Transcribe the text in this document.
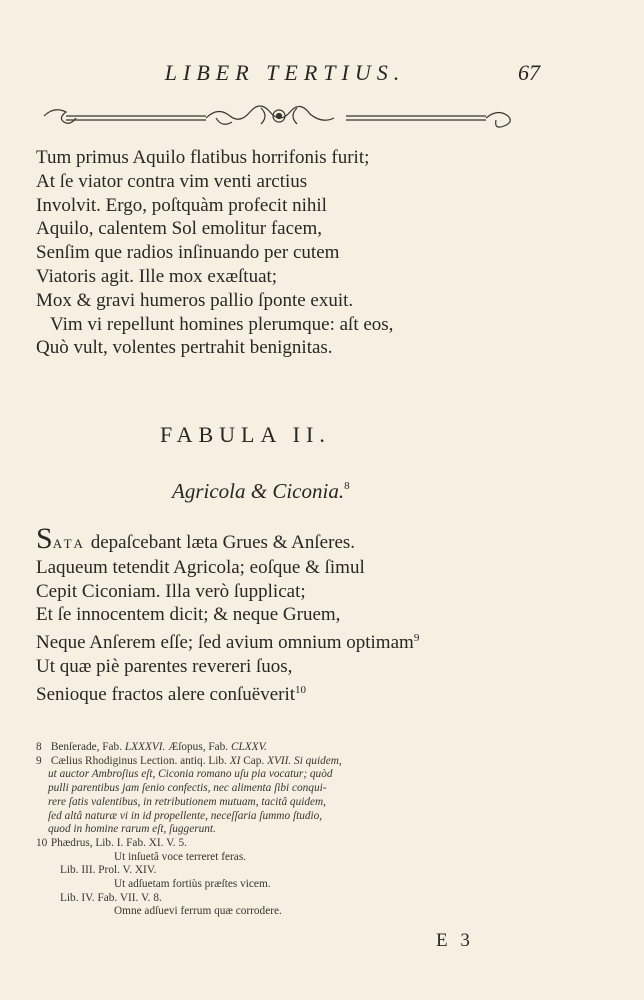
LIBER TERTIUS.	67
Tum primus Aquilo flatibus horrifonis furit;
At ſe viator contra vim venti arctius
Involvit. Ergo, poſtquàm profecit nihil
Aquilo, calentem Sol emolitur facem,
Senſim que radios inſinuando per cutem
Viatoris agit. Ille mox exæſtuat;
Mox & gravi humeros pallio ſponte exuit.
Vim vi repellunt homines plerumque: aſt eos,
Quò vult, volentes pertrahit benignitas.
FABULA II.
Agricola & Ciconia.$^8$
SATA depaſcebant læta Grues & Anſeres.
Laqueum tetendit Agricola; eoſque & ſimul
Cepit Ciconiam. Illa verò ſupplicat;
Et ſe innocentem dicit; & neque Gruem,
Neque Anſerem eſſe; ſed avium omnium optimam$^9$
Ut quæ piè parentes revereri ſuos,
Senioque fractos alere conſuëverit$^{10}$
8 Benſerade, Fab. LXXXVI. Æſopus, Fab. CLXXV.
9 Cælius Rhodiginus Lection. antiq. Lib. XI Cap. XVII. Si quidem,
ut auctor Ambroſius eſt, Ciconia romano uſu pia vocatur; quòd
pulli parentibus jam ſenio confectis, nec alimenta ſibi conqui-
rere ſatis valentibus, in retributionem mutuam, tacitâ quidem,
ſed altâ naturæ vi in id propellente, neceſſaria ſummo ſtudio,
quod in homine rarum eſt, ſuggerunt.
10 Phædrus, Lib. I. Fab. XI. V. 5.
Ut inſuetâ voce terreret feras.
Lib. III. Prol. V. XIV.
Ut adſuetam fortiùs præſtes vicem.
Lib. IV. Fab. VII. V. 8.
Omne adſuevi ferrum quæ corrodere.
E 3
